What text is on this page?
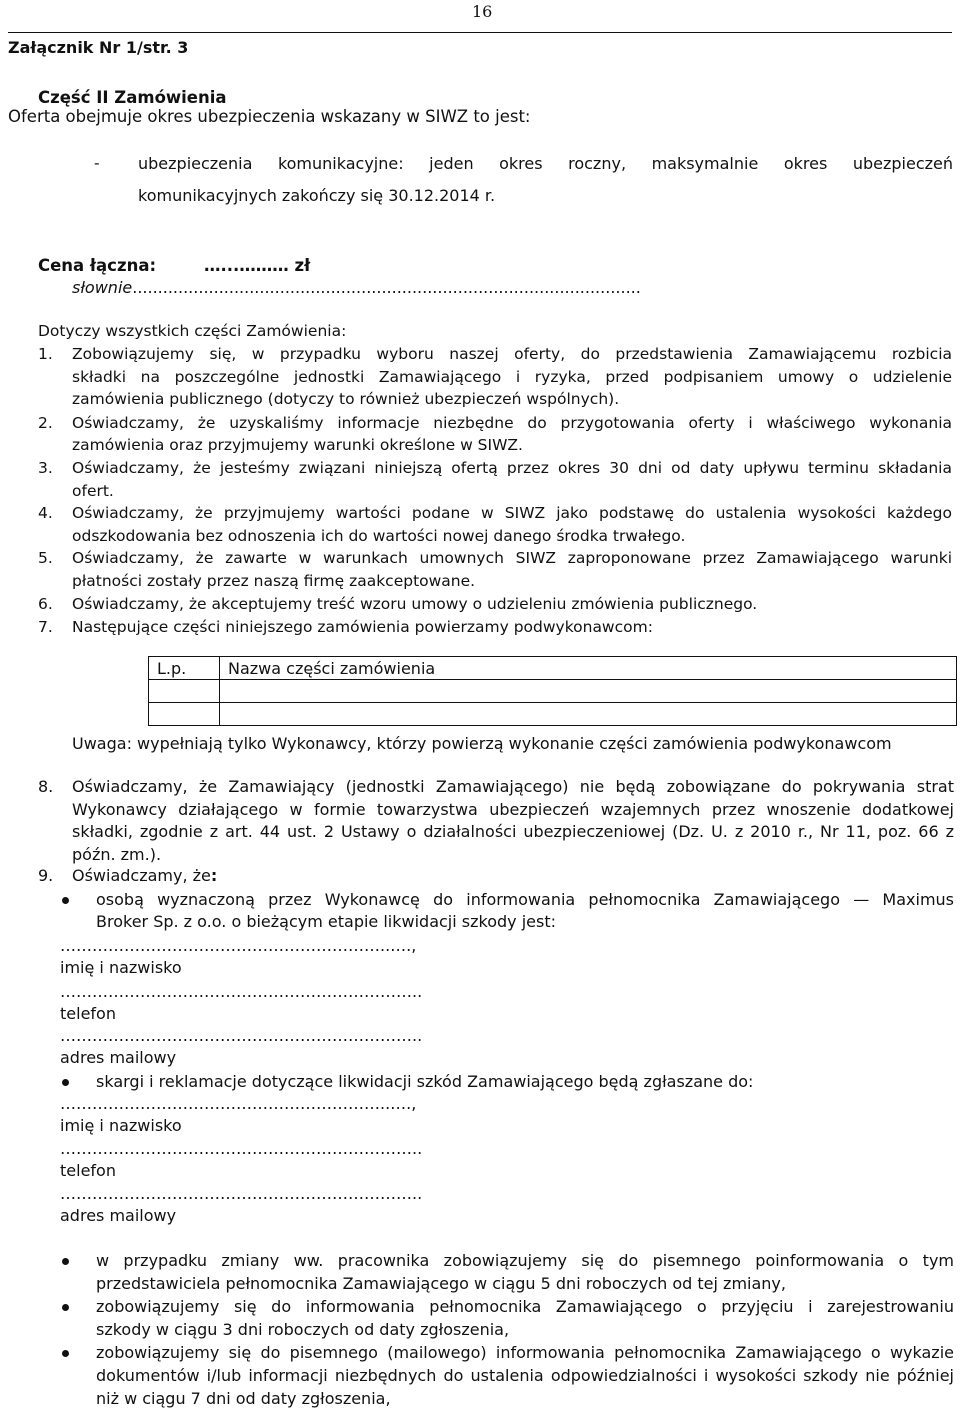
16
Załącznik Nr 1/str. 3
Część II Zamówienia
Oferta obejmuje okres ubezpieczenia wskazany w SIWZ to jest:
- ubezpieczenia komunikacyjne: jeden okres roczny, maksymalnie okres ubezpieczeń
komunikacyjnych zakończy się 30.12.2014 r.
Cena łączna:	…...……… zł
słownie....................................................................................................
Dotyczy wszystkich części Zamówienia:
1. Zobowiązujemy się, w przypadku wyboru naszej oferty, do przedstawienia Zamawiającemu rozbicia
składki na poszczególne jednostki Zamawiającego i ryzyka, przed podpisaniem umowy o udzielenie
zamówienia publicznego (dotyczy to również ubezpieczeń wspólnych).
2. Oświadczamy, że uzyskaliśmy informacje niezbędne do przygotowania oferty i właściwego wykonania
zamówienia oraz przyjmujemy warunki określone w SIWZ.
3. Oświadczamy, że jesteśmy związani niniejszą ofertą przez okres 30 dni od daty upływu terminu składania
ofert.
4. Oświadczamy, że przyjmujemy wartości podane w SIWZ jako podstawę do ustalenia wysokości każdego
odszkodowania bez odnoszenia ich do wartości nowej danego środka trwałego.
5. Oświadczamy, że zawarte w warunkach umownych SIWZ zaproponowane przez Zamawiającego warunki
płatności zostały przez naszą firmę zaakceptowane.
6. Oświadczamy, że akceptujemy treść wzoru umowy o udzieleniu zmówienia publicznego.
7. Następujące części niniejszego zamówienia powierzamy podwykonawcom:
L.p.	Nazwa części zamówienia

Uwaga: wypełniają tylko Wykonawcy, którzy powierzą wykonanie części zamówienia podwykonawcom
8. Oświadczamy, że Zamawiający (jednostki Zamawiającego) nie będą zobowiązane do pokrywania strat
Wykonawcy działającego w formie towarzystwa ubezpieczeń wzajemnych przez wnoszenie dodatkowej
składki, zgodnie z art. 44 ust. 2 Ustawy o działalności ubezpieczeniowej (Dz. U. z 2010 r., Nr 11, poz. 66 z
późn. zm.).
9. Oświadczamy, że:
osobą wyznaczoną przez Wykonawcę do informowania pełnomocnika Zamawiającego — Maximus
Broker Sp. z o.o. o bieżącym etapie likwidacji szkody jest:
……………………………………………………..….,
imię i nazwisko
…………………………………………………………..
telefon
…………………………………………………………..
adres mailowy
skargi i reklamacje dotyczące likwidacji szkód Zamawiającego będą zgłaszane do:
……………………………………………………..….,
imię i nazwisko
…………………………………………………………..
telefon
…………………………………………………………..
adres mailowy
w przypadku zmiany ww. pracownika zobowiązujemy się do pisemnego poinformowania o tym
przedstawiciela pełnomocnika Zamawiającego w ciągu 5 dni roboczych od tej zmiany,
zobowiązujemy się do informowania pełnomocnika Zamawiającego o przyjęciu i zarejestrowaniu
szkody w ciągu 3 dni roboczych od daty zgłoszenia,
zobowiązujemy się do pisemnego (mailowego) informowania pełnomocnika Zamawiającego o wykazie
dokumentów i/lub informacji niezbędnych do ustalenia odpowiedzialności i wysokości szkody nie później
niż w ciągu 7 dni od daty zgłoszenia,
